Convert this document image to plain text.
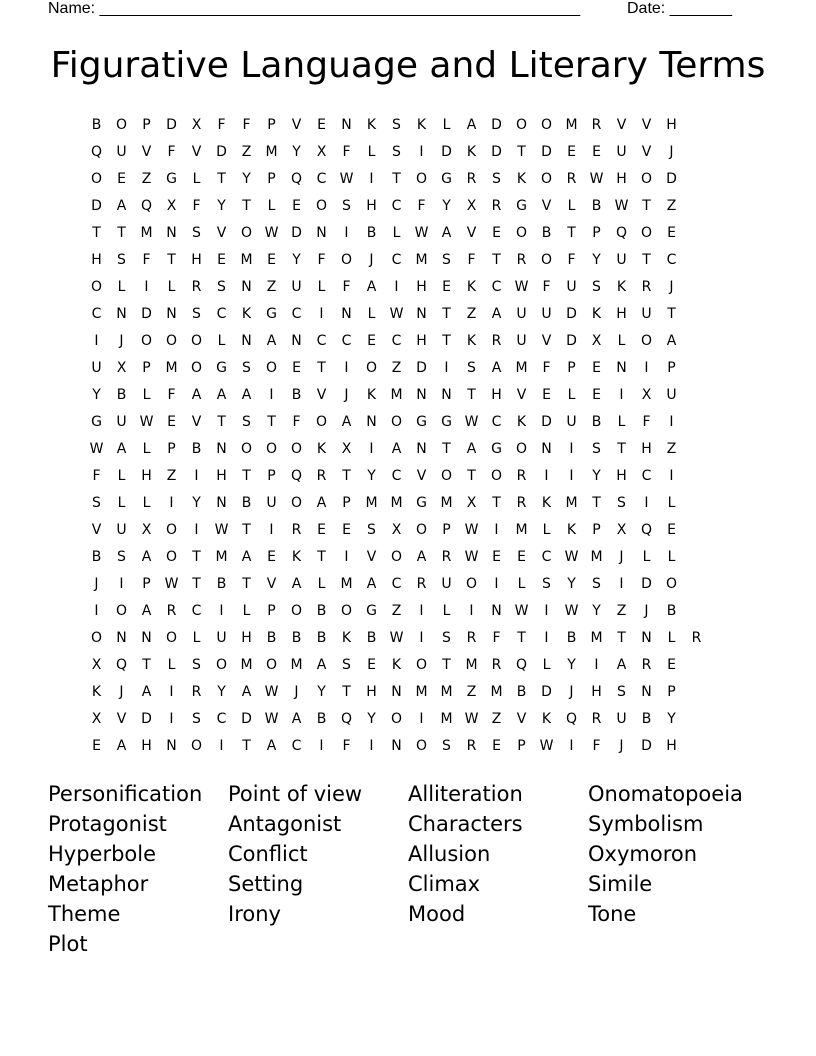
Name: ______________________________________________________	Date: _______
Figurative Language and Literary Terms
B	O	P	D	X	F	F	P	V	E	N	K	S	K	L	A	D	O O M	R	V	V	H
Q	U	V	F	V	D	Z	M	Y	X	F	L	S	I	D	K	D	T	D	E	E	U	V	J
O	E	Z	G	L	T	Y	P	Q	C W	I	T	O	G	R	S	K	O	R W H	O	D
D	A	Q	X	F	Y	T	L	E	O	S	H	C	F	Y	X	R	G	V	L	B W T	Z
T	T	M N	S	V	O W D	N	I	B	L	W A	V	E	O	B	T	P	Q O	E
H	S	F	T	H	E	M	E	Y	F	O	J	C	M	S	F	T	R	O	F	Y	U	T	C
O	L	I	L	R	S	N	Z	U	L	F	A	I	H	E	K	C W	F	U	S	K	R	J
C	N	D	N	S	C	K	G	C	I	N	L	W N	T	Z	A	U	U	D	K	H	U	T
I	J	O O O	L	N	A	N	C	C	E	C	H	T	K	R	U	V	D	X	L	O	A
U	X	P	M O	G	S	O	E	T	I	O	Z	D	I	S	A	M	F	P	E	N	I	P
Y	B	L	F	A	A	A	I	B	V	J	K	M N	N	T	H	V	E	L	E	I	X	U
G	U W E	V	T	S	T	F	O	A	N	O	G	G W C	K	D	U	B	L	F	I
W A	L	P	B	N	O O O	K	X	I	A	N	T	A	G	O	N	I	S	T	H	Z
F	L	H	Z	I	H	T	P	Q	R	T	Y	C	V	O	T	O	R	I	I	Y	H	C	I
S	L	L	I	Y	N	B	U	O	A	P	M M G M	X	T	R	K	M	T	S	I	L
V	U	X	O	I	W T	I	R	E	E	S	X	O	P W	I	M	L	K	P	X	Q	E
B	S	A	O	T	M	A	E	K	T	I	V	O	A	R W E	E	C W M	J	L	L
J	I	P W T	B	T	V	A	L	M	A	C	R	U	O	I	L	S	Y	S	I	D	O
I	O	A	R	C	I	L	P	O	B	O	G	Z	I	L	I	N W	I	W Y	Z	J	B
O	N	N	O	L	U	H	B	B	B	K	B W	I	S	R	F	T	I	B	M	T	N	L	R
X	Q	T	L	S	O M O M	A	S	E	K	O	T	M	R	Q	L	Y	I	A	R	E
K	J	A	I	R	Y	A W	J	Y	T	H	N M M	Z	M	B	D	J	H	S	N	P
X	V	D	I	S	C	D W A	B	Q	Y	O	I	M W Z	V	K	Q	R	U	B	Y
E	A	H	N	O	I	T	A	C	I	F	I	N	O	S	R	E	P W	I	F	J	D	H
Personification	Point of view	Alliteration	Onomatopoeia
Protagonist	Antagonist	Characters	Symbolism
Hyperbole	Conflict	Allusion	Oxymoron
Metaphor	Setting	Climax	Simile
Theme	Irony	Mood	Tone
Plot
